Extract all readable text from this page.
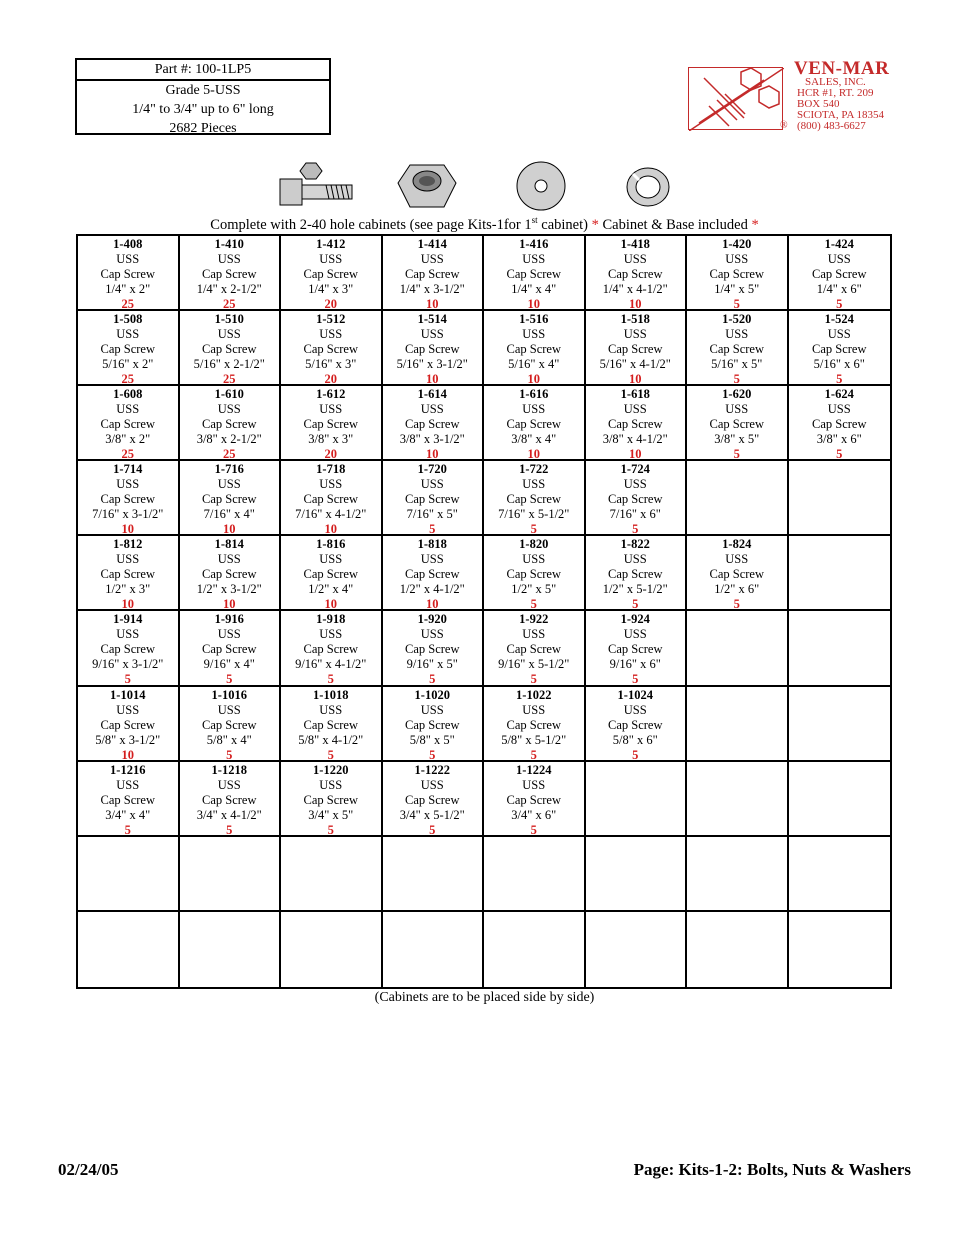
Part #: 100-1LP5
Grade 5-USS
1/4" to 3/4" up to 6" long
2682 Pieces
VEN-MAR
SALES, INC.
HCR #1, RT. 209
BOX 540
SCIOTA, PA 18354
(800) 483-6627
®
Complete with 2-40 hole cabinets (see page Kits-1for 1st cabinet) * Cabinet & Base included *
1-408
USS
Cap Screw
1/4" x 2"
25
1-410
USS
Cap Screw
1/4" x 2-1/2"
25
1-412
USS
Cap Screw
1/4" x 3"
20
1-414
USS
Cap Screw
1/4" x 3-1/2"
10
1-416
USS
Cap Screw
1/4" x 4"
10
1-418
USS
Cap Screw
1/4" x 4-1/2"
10
1-420
USS
Cap Screw
1/4" x 5"
5
1-424
USS
Cap Screw
1/4" x 6"
5
1-508
USS
Cap Screw
5/16" x 2"
25
1-510
USS
Cap Screw
5/16" x 2-1/2"
25
1-512
USS
Cap Screw
5/16" x 3"
20
1-514
USS
Cap Screw
5/16" x 3-1/2"
10
1-516
USS
Cap Screw
5/16" x 4"
10
1-518
USS
Cap Screw
5/16" x 4-1/2"
10
1-520
USS
Cap Screw
5/16" x 5"
5
1-524
USS
Cap Screw
5/16" x 6"
5
1-608
USS
Cap Screw
3/8" x 2"
25
1-610
USS
Cap Screw
3/8" x 2-1/2"
25
1-612
USS
Cap Screw
3/8" x 3"
20
1-614
USS
Cap Screw
3/8" x 3-1/2"
10
1-616
USS
Cap Screw
3/8" x 4"
10
1-618
USS
Cap Screw
3/8" x 4-1/2"
10
1-620
USS
Cap Screw
3/8" x 5"
5
1-624
USS
Cap Screw
3/8" x 6"
5
1-714
USS
Cap Screw
7/16" x 3-1/2"
10
1-716
USS
Cap Screw
7/16" x 4"
10
1-718
USS
Cap Screw
7/16" x 4-1/2"
10
1-720
USS
Cap Screw
7/16" x 5"
5
1-722
USS
Cap Screw
7/16" x 5-1/2"
5
1-724
USS
Cap Screw
7/16" x 6"
5
1-812
USS
Cap Screw
1/2" x 3"
10
1-814
USS
Cap Screw
1/2" x 3-1/2"
10
1-816
USS
Cap Screw
1/2" x 4"
10
1-818
USS
Cap Screw
1/2" x 4-1/2"
10
1-820
USS
Cap Screw
1/2" x 5"
5
1-822
USS
Cap Screw
1/2" x 5-1/2"
5
1-824
USS
Cap Screw
1/2" x 6"
5
1-914
USS
Cap Screw
9/16" x 3-1/2"
5
1-916
USS
Cap Screw
9/16" x 4"
5
1-918
USS
Cap Screw
9/16" x 4-1/2"
5
1-920
USS
Cap Screw
9/16" x 5"
5
1-922
USS
Cap Screw
9/16" x 5-1/2"
5
1-924
USS
Cap Screw
9/16" x 6"
5
1-1014
USS
Cap Screw
5/8" x 3-1/2"
10
1-1016
USS
Cap Screw
5/8" x 4"
5
1-1018
USS
Cap Screw
5/8" x 4-1/2"
5
1-1020
USS
Cap Screw
5/8" x 5"
5
1-1022
USS
Cap Screw
5/8" x 5-1/2"
5
1-1024
USS
Cap Screw
5/8" x 6"
5
1-1216
USS
Cap Screw
3/4" x 4"
5
1-1218
USS
Cap Screw
3/4" x 4-1/2"
5
1-1220
USS
Cap Screw
3/4" x 5"
5
1-1222
USS
Cap Screw
3/4" x 5-1/2"
5
1-1224
USS
Cap Screw
3/4" x 6"
5
(Cabinets are to be placed side by side)
02/24/05	Page: Kits-1-2: Bolts, Nuts & Washers
